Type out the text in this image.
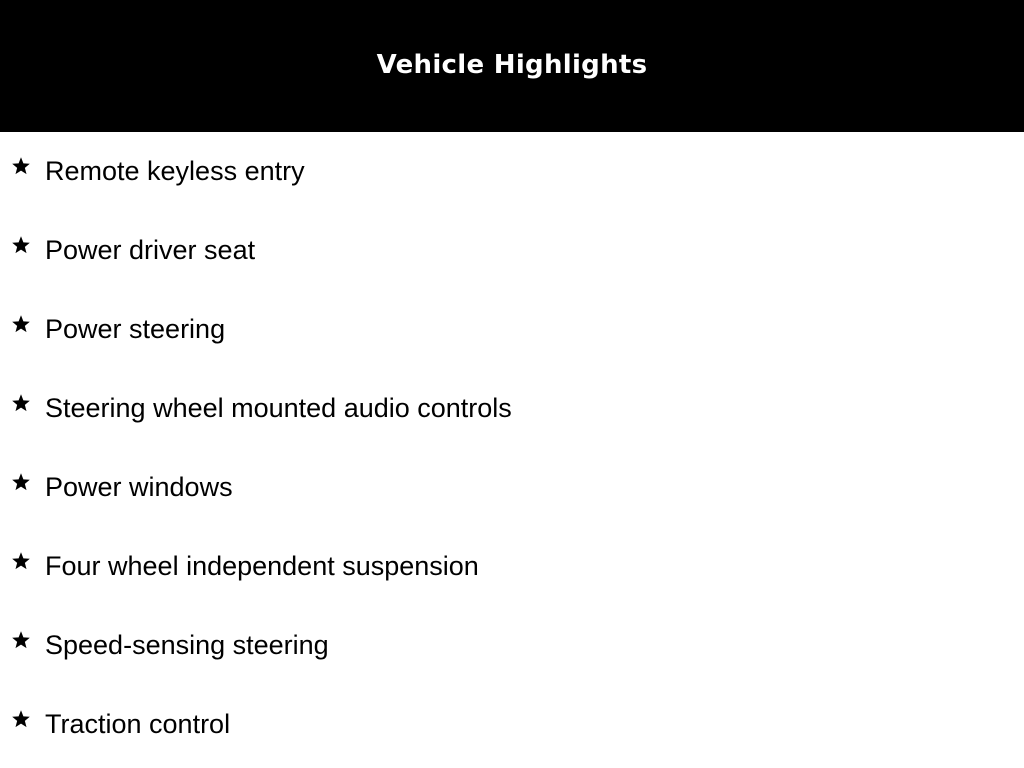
Vehicle Highlights
Remote keyless entry
Power driver seat
Power steering
Steering wheel mounted audio controls
Power windows
Four wheel independent suspension
Speed-sensing steering
Traction control
